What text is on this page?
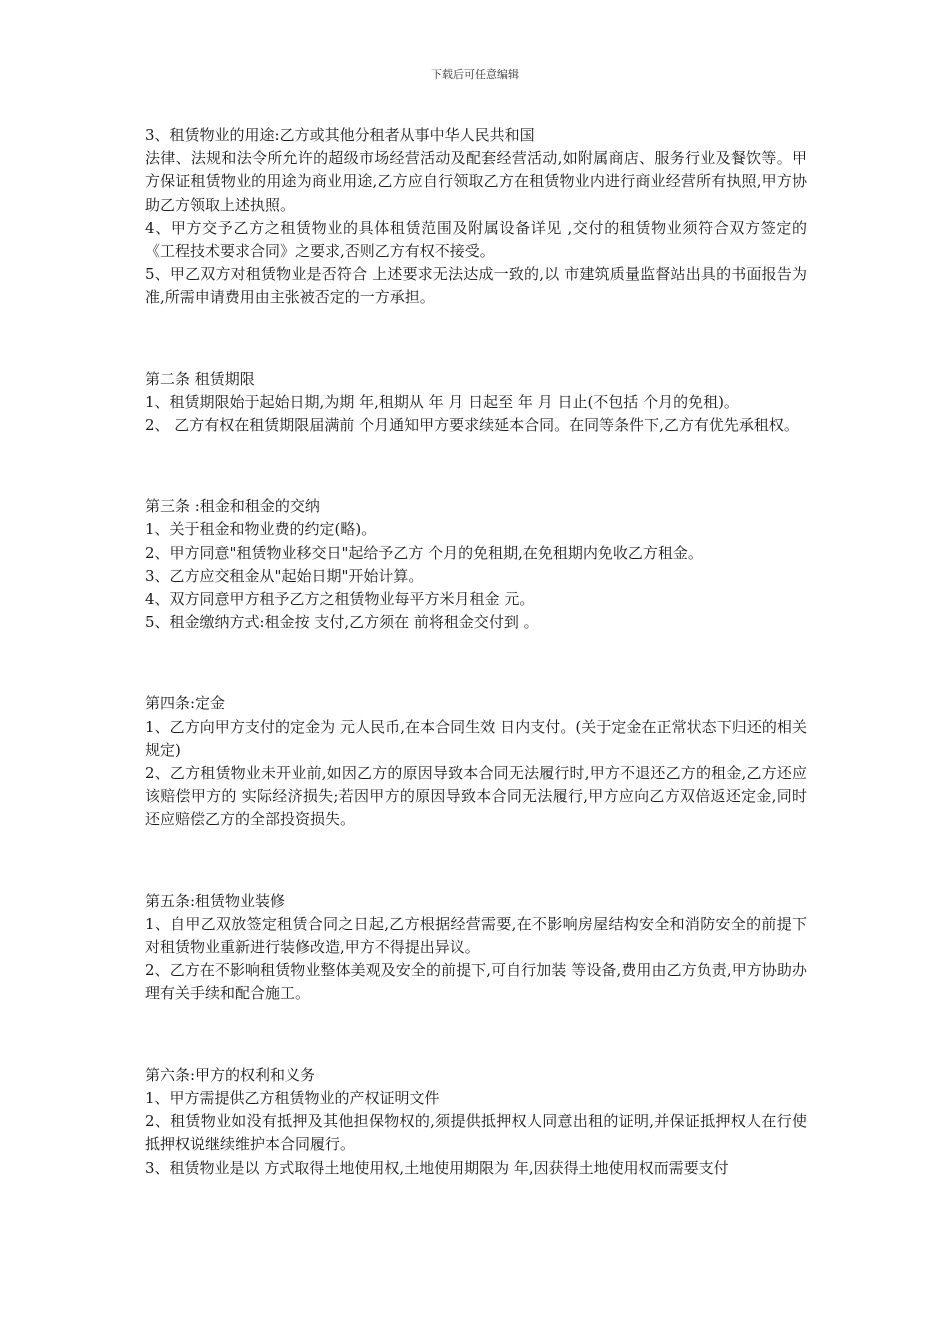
下载后可任意编辑

3、租赁物业的用途:乙方或其他分租者从事中华人民共和国

法律、法规和法令所允许的超级市场经营活动及配套经营活动,如附属商店、服务行业及餐饮等。甲方保证租赁物业的用途为商业用途,乙方应自行领取乙方在租赁物业内进行商业经营所有执照,甲方协助乙方领取上述执照。

4、甲方交予乙方之租赁物业的具体租赁范围及附属设备详见 ,交付的租赁物业须符合双方签定的《工程技术要求合同》之要求,否则乙方有权不接受。

5、甲乙双方对租赁物业是否符合 上述要求无法达成一致的,以 市建筑质量监督站出具的书面报告为准,所需申请费用由主张被否定的一方承担。

第二条 租赁期限

1、租赁期限始于起始日期,为期 年,租期从 年 月 日起至 年 月 日止(不包括 个月的免租)。

2、 乙方有权在租赁期限届满前 个月通知甲方要求续延本合同。在同等条件下,乙方有优先承租权。

第三条 :租金和租金的交纳

1、关于租金和物业费的约定(略)。

2、甲方同意"租赁物业移交日"起给予乙方 个月的免租期,在免租期内免收乙方租金。

3、乙方应交租金从"起始日期"开始计算。

4、双方同意甲方租予乙方之租赁物业每平方米月租金 元。

5、租金缴纳方式:租金按 支付,乙方须在 前将租金交付到 。

第四条:定金

1、乙方向甲方支付的定金为 元人民币,在本合同生效 日内支付。(关于定金在正常状态下归还的相关规定)

2、乙方租赁物业未开业前,如因乙方的原因导致本合同无法履行时,甲方不退还乙方的租金,乙方还应该赔偿甲方的 实际经济损失;若因甲方的原因导致本合同无法履行,甲方应向乙方双倍返还定金,同时还应赔偿乙方的全部投资损失。

第五条:租赁物业装修

1、自甲乙双放签定租赁合同之日起,乙方根据经营需要,在不影响房屋结构安全和消防安全的前提下对租赁物业重新进行装修改造,甲方不得提出异议。

2、乙方在不影响租赁物业整体美观及安全的前提下,可自行加装 等设备,费用由乙方负责,甲方协助办理有关手续和配合施工。

第六条:甲方的权利和义务

1、甲方需提供乙方租赁物业的产权证明文件

2、租赁物业如没有抵押及其他担保物权的,须提供抵押权人同意出租的证明,并保证抵押权人在行使抵押权说继续维护本合同履行。

3、租赁物业是以 方式取得土地使用权,土地使用期限为 年,因获得土地使用权而需要支付
